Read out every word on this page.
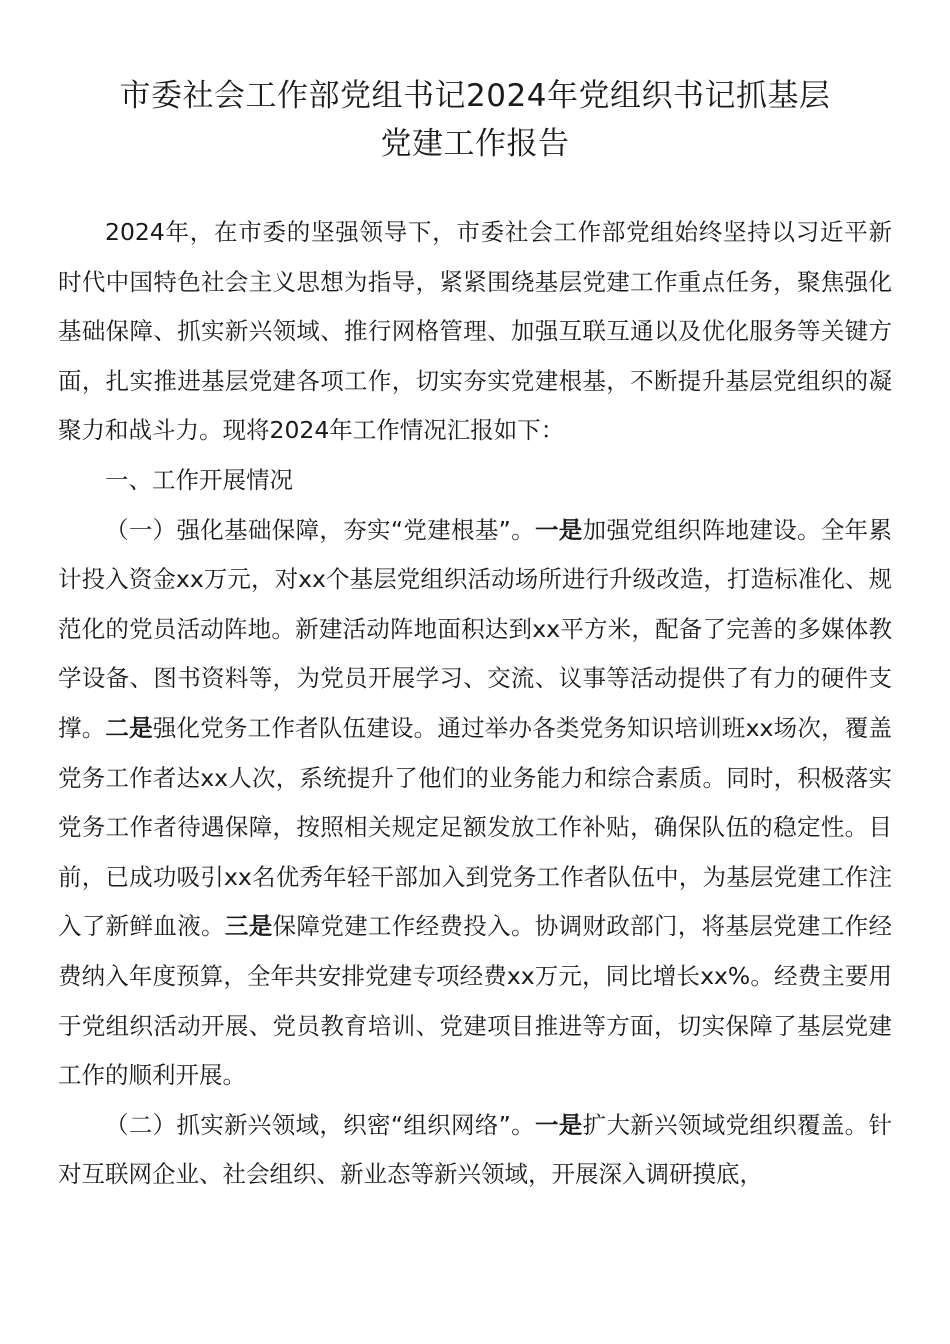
市委社会工作部党组书记2024年党组织书记抓基层
党建工作报告

2024年，在市委的坚强领导下，市委社会工作部党组始终坚持以习近平新时代中国特色社会主义思想为指导，紧紧围绕基层党建工作重点任务，聚焦强化基础保障、抓实新兴领域、推行网格管理、加强互联互通以及优化服务等关键方面，扎实推进基层党建各项工作，切实夯实党建根基，不断提升基层党组织的凝聚力和战斗力。现将2024年工作情况汇报如下：

一、工作开展情况

（一）强化基础保障，夯实“党建根基”。一是加强党组织阵地建设。全年累计投入资金xx万元，对xx个基层党组织活动场所进行升级改造，打造标准化、规范化的党员活动阵地。新建活动阵地面积达到xx平方米，配备了完善的多媒体教学设备、图书资料等，为党员开展学习、交流、议事等活动提供了有力的硬件支撑。二是强化党务工作者队伍建设。通过举办各类党务知识培训班xx场次，覆盖党务工作者达xx人次，系统提升了他们的业务能力和综合素质。同时，积极落实党务工作者待遇保障，按照相关规定足额发放工作补贴，确保队伍的稳定性。目前，已成功吸引xx名优秀年轻干部加入到党务工作者队伍中，为基层党建工作注入了新鲜血液。三是保障党建工作经费投入。协调财政部门，将基层党建工作经费纳入年度预算，全年共安排党建专项经费xx万元，同比增长xx%。经费主要用于党组织活动开展、党员教育培训、党建项目推进等方面，切实保障了基层党建工作的顺利开展。

（二）抓实新兴领域，织密“组织网络”。一是扩大新兴领域党组织覆盖。针对互联网企业、社会组织、新业态等新兴领域，开展深入调研摸底，
